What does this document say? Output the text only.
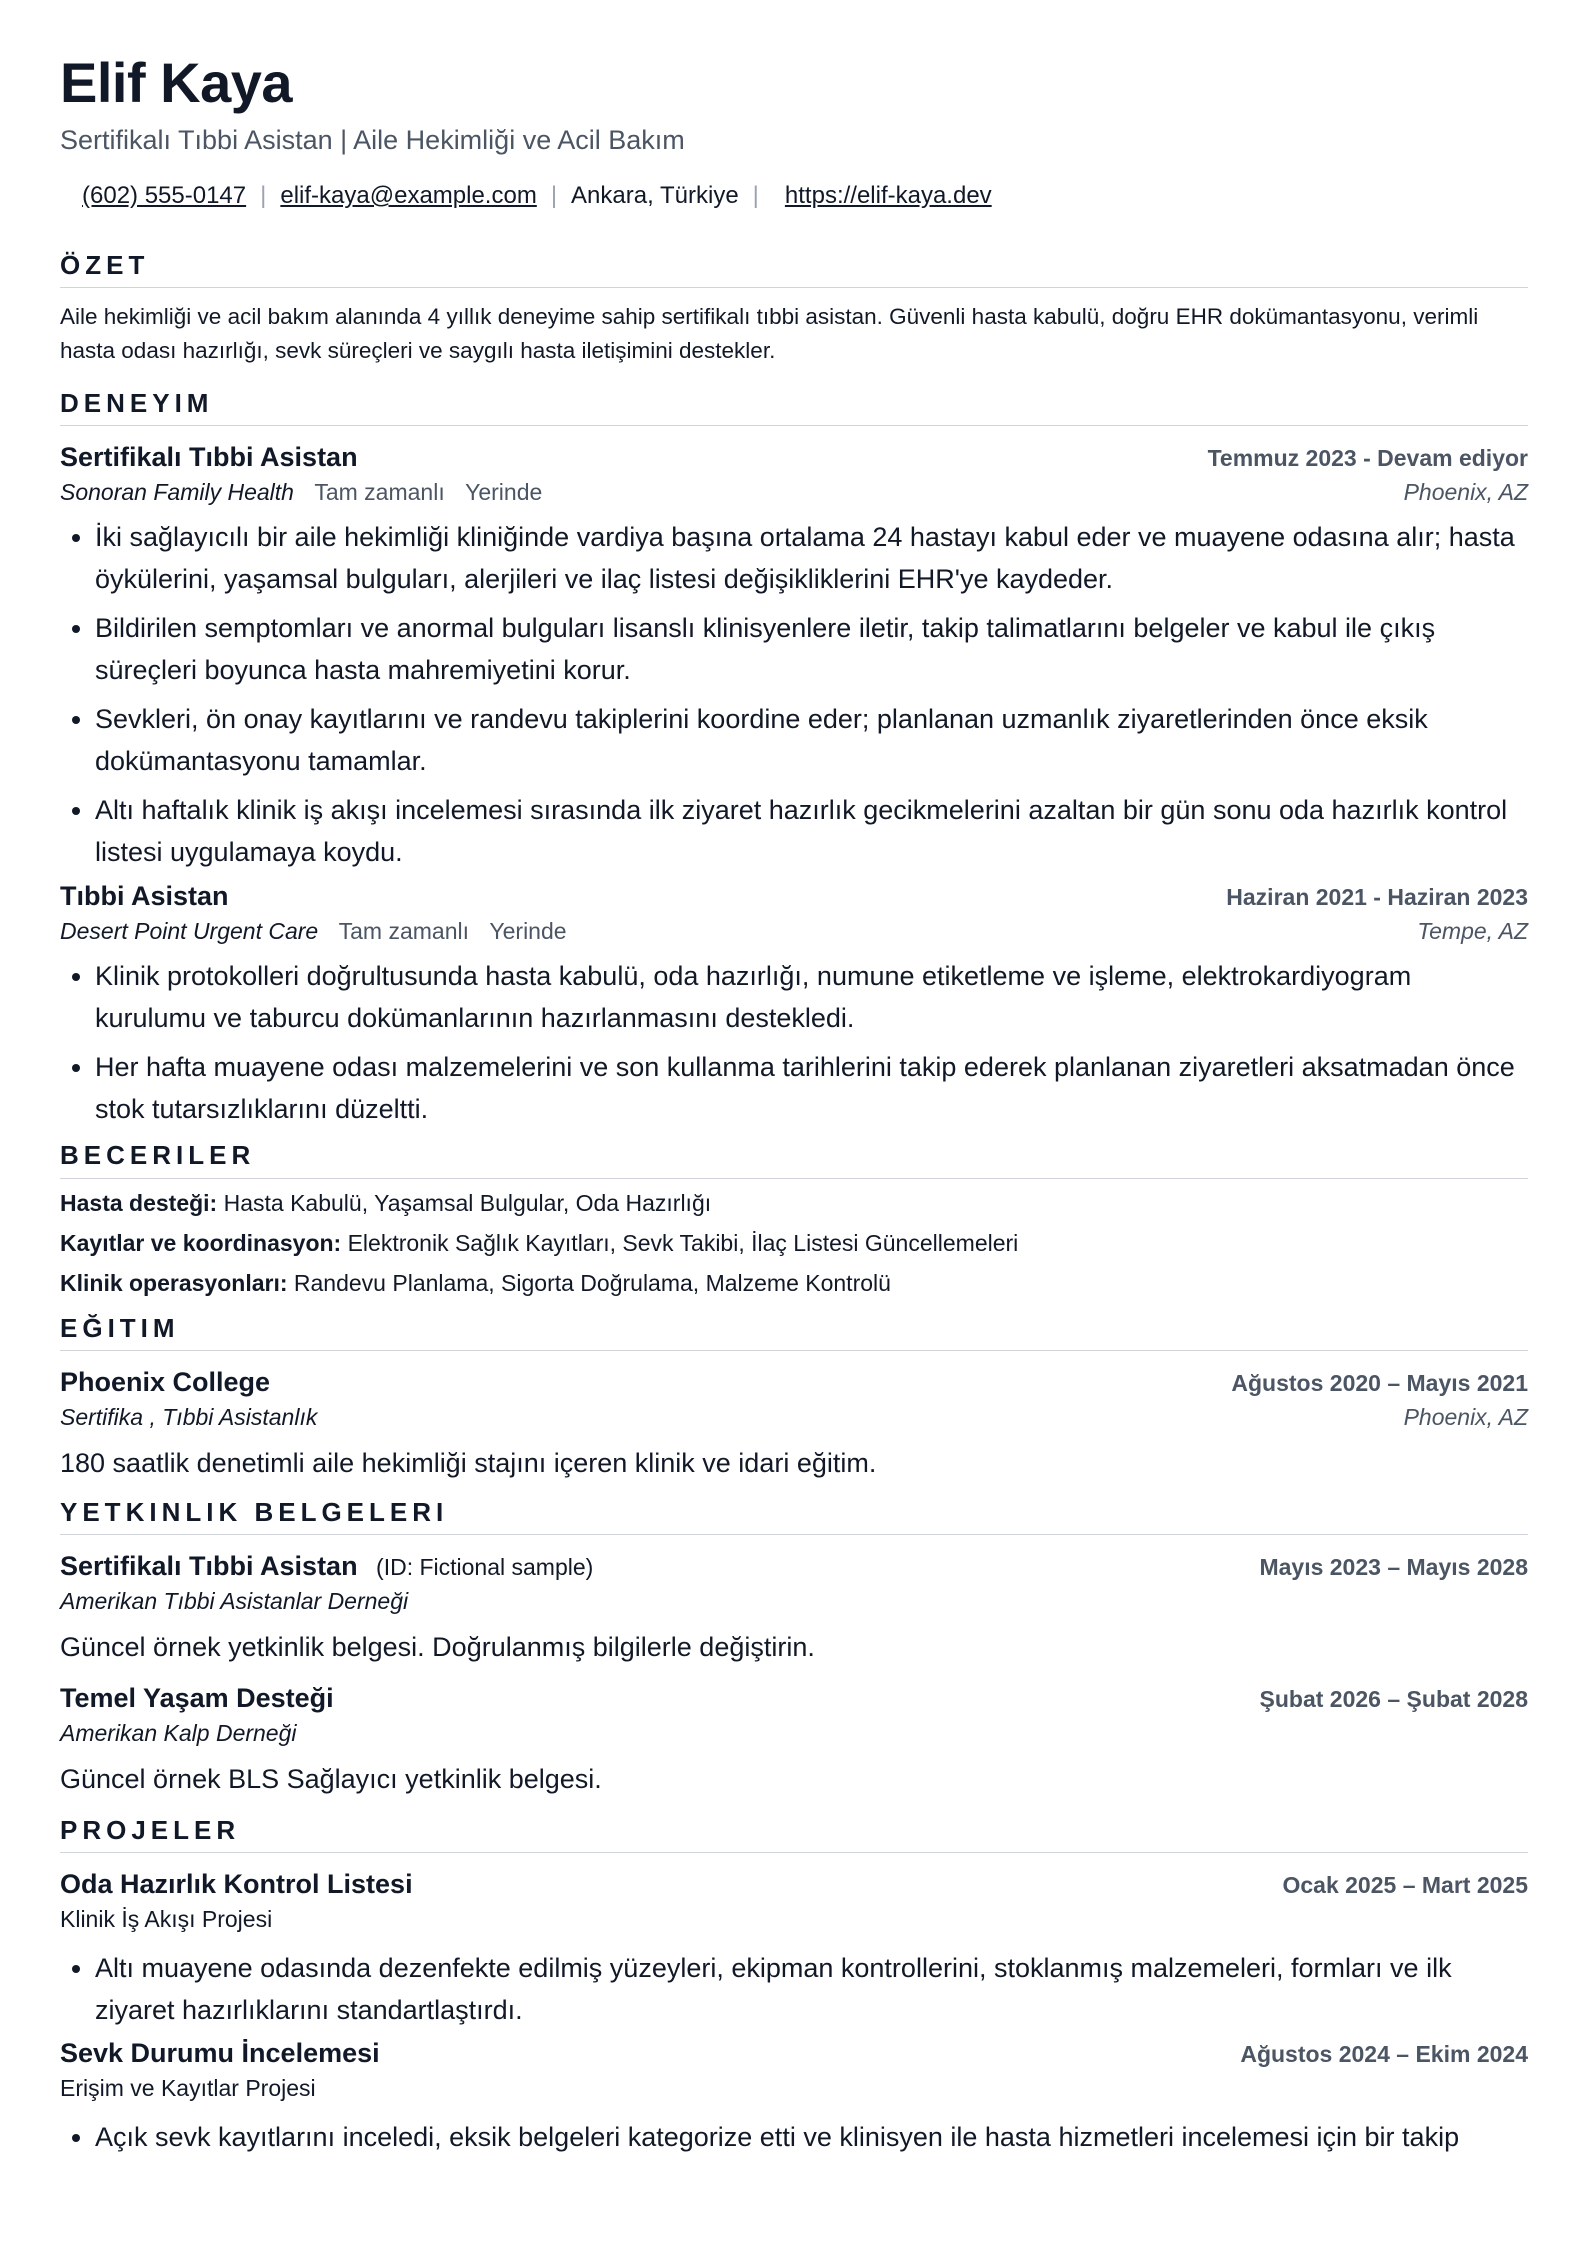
Elif Kaya
Sertifikalı Tıbbi Asistan | Aile Hekimliği ve Acil Bakım
(602) 555-0147 | elif-kaya@example.com | Ankara, Türkiye | https://elif-kaya.dev
ÖZET
Aile hekimliği ve acil bakım alanında 4 yıllık deneyime sahip sertifikalı tıbbi asistan. Güvenli hasta kabulü, doğru EHR dokümantasyonu, verimli hasta odası hazırlığı, sevk süreçleri ve saygılı hasta iletişimini destekler.
DENEYIM
Sertifikalı Tıbbi Asistan	Temmuz 2023 - Devam ediyor
Sonoran Family Health Tam zamanlı Yerinde	Phoenix, AZ
• İki sağlayıcılı bir aile hekimliği kliniğinde vardiya başına ortalama 24 hastayı kabul eder ve muayene odasına alır; hasta öykülerini, yaşamsal bulguları, alerjileri ve ilaç listesi değişikliklerini EHR'ye kaydeder.
• Bildirilen semptomları ve anormal bulguları lisanslı klinisyenlere iletir, takip talimatlarını belgeler ve kabul ile çıkış süreçleri boyunca hasta mahremiyetini korur.
• Sevkleri, ön onay kayıtlarını ve randevu takiplerini koordine eder; planlanan uzmanlık ziyaretlerinden önce eksik dokümantasyonu tamamlar.
• Altı haftalık klinik iş akışı incelemesi sırasında ilk ziyaret hazırlık gecikmelerini azaltan bir gün sonu oda hazırlık kontrol listesi uygulamaya koydu.
Tıbbi Asistan	Haziran 2021 - Haziran 2023
Desert Point Urgent Care Tam zamanlı Yerinde	Tempe, AZ
• Klinik protokolleri doğrultusunda hasta kabulü, oda hazırlığı, numune etiketleme ve işleme, elektrokardiyogram kurulumu ve taburcu dokümanlarının hazırlanmasını destekledi.
• Her hafta muayene odası malzemelerini ve son kullanma tarihlerini takip ederek planlanan ziyaretleri aksatmadan önce stok tutarsızlıklarını düzeltti.
BECERILER
Hasta desteği: Hasta Kabulü, Yaşamsal Bulgular, Oda Hazırlığı
Kayıtlar ve koordinasyon: Elektronik Sağlık Kayıtları, Sevk Takibi, İlaç Listesi Güncellemeleri
Klinik operasyonları: Randevu Planlama, Sigorta Doğrulama, Malzeme Kontrolü
EĞITIM
Phoenix College	Ağustos 2020 – Mayıs 2021
Sertifika , Tıbbi Asistanlık	Phoenix, AZ
180 saatlik denetimli aile hekimliği stajını içeren klinik ve idari eğitim.
YETKINLIK BELGELERI
Sertifikalı Tıbbi Asistan (ID: Fictional sample)	Mayıs 2023 – Mayıs 2028
Amerikan Tıbbi Asistanlar Derneği
Güncel örnek yetkinlik belgesi. Doğrulanmış bilgilerle değiştirin.
Temel Yaşam Desteği	Şubat 2026 – Şubat 2028
Amerikan Kalp Derneği
Güncel örnek BLS Sağlayıcı yetkinlik belgesi.
PROJELER
Oda Hazırlık Kontrol Listesi	Ocak 2025 – Mart 2025
Klinik İş Akışı Projesi
• Altı muayene odasında dezenfekte edilmiş yüzeyleri, ekipman kontrollerini, stoklanmış malzemeleri, formları ve ilk ziyaret hazırlıklarını standartlaştırdı.
Sevk Durumu İncelemesi	Ağustos 2024 – Ekim 2024
Erişim ve Kayıtlar Projesi
• Açık sevk kayıtlarını inceledi, eksik belgeleri kategorize etti ve klinisyen ile hasta hizmetleri incelemesi için bir takip
